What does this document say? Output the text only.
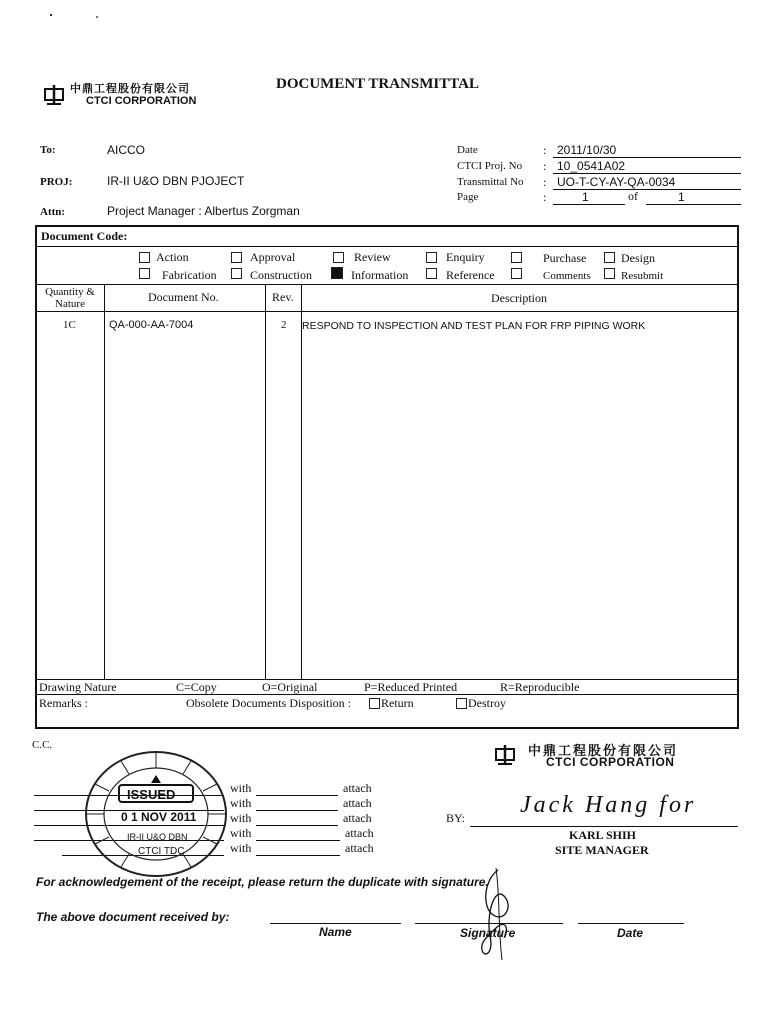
中鼎工程股份有限公司
CTCI CORPORATION
DOCUMENT TRANSMITTAL
To:	AICCO
PROJ:	IR-II U&O DBN PJOJECT
Attn:	Project Manager : Albertus Zorgman
Date	: 2011/10/30
CTCI Proj. No : 10_0541A02
Transmittal No : UO-T-CY-AY-QA-0034
Page	:	1	of	1
Document Code:
Action	Approval	Review	Enquiry	Purchase	Design
Fabrication	Construction	Information	Reference	Comments	Resubmit
Quantity &
Nature	Document No.	Rev.	Description
1C	QA-000-AA-7004	2 RESPOND TO INSPECTION AND TEST PLAN FOR FRP PIPING WORK
Drawing Nature	C=Copy	O=Original	P=Reduced Printed	R=Reproducible
Remarks :	Obsolete Documents Disposition :	Return	Destroy
C.C.
with	attach
with	attach
with	attach
with	attach
with	attach
ISSUED
0 1 NOV 2011
IR-II U&O DBN
CTCI TDC
中鼎工程股份有限公司
CTCI CORPORATION
BY: Jack Hang for
KARL SHIH
SITE MANAGER
For acknowledgement of the receipt, please return the duplicate with signature.
The above document received by:
Name	Signature	Date
